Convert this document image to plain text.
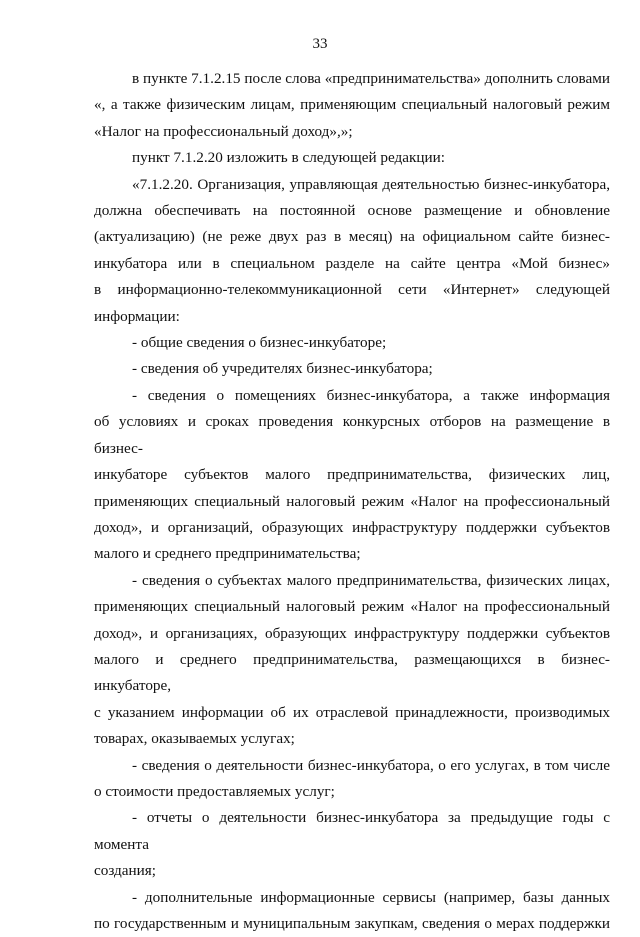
33

в пункте 7.1.2.15 после слова «предпринимательства» дополнить словами
«, а также физическим лицам, применяющим специальный налоговый режим
«Налог на профессиональный доход»,»;

пункт 7.1.2.20 изложить в следующей редакции:

«7.1.2.20. Организация, управляющая деятельностью бизнес-инкубатора,
должна обеспечивать на постоянной основе размещение и обновление
(актуализацию) (не реже двух раз в месяц) на официальном сайте бизнес-
инкубатора или в специальном разделе на сайте центра «Мой бизнес»
в информационно-телекоммуникационной сети «Интернет» следующей
информации:

- общие сведения о бизнес-инкубаторе;

- сведения об учредителях бизнес-инкубатора;

- сведения о помещениях бизнес-инкубатора, а также информация
об условиях и сроках проведения конкурсных отборов на размещение в бизнес-
инкубаторе субъектов малого предпринимательства, физических лиц,
применяющих специальный налоговый режим «Налог на профессиональный
доход», и организаций, образующих инфраструктуру поддержки субъектов
малого и среднего предпринимательства;

- сведения о субъектах малого предпринимательства, физических лицах,
применяющих специальный налоговый режим «Налог на профессиональный
доход», и организациях, образующих инфраструктуру поддержки субъектов
малого и среднего предпринимательства, размещающихся в бизнес-инкубаторе,
с указанием информации об их отраслевой принадлежности, производимых
товарах, оказываемых услугах;

- сведения о деятельности бизнес-инкубатора, о его услугах, в том числе
о стоимости предоставляемых услуг;

- отчеты о деятельности бизнес-инкубатора за предыдущие годы с момента
создания;

- дополнительные информационные сервисы (например, базы данных
по государственным и муниципальным закупкам, сведения о мерах поддержки
